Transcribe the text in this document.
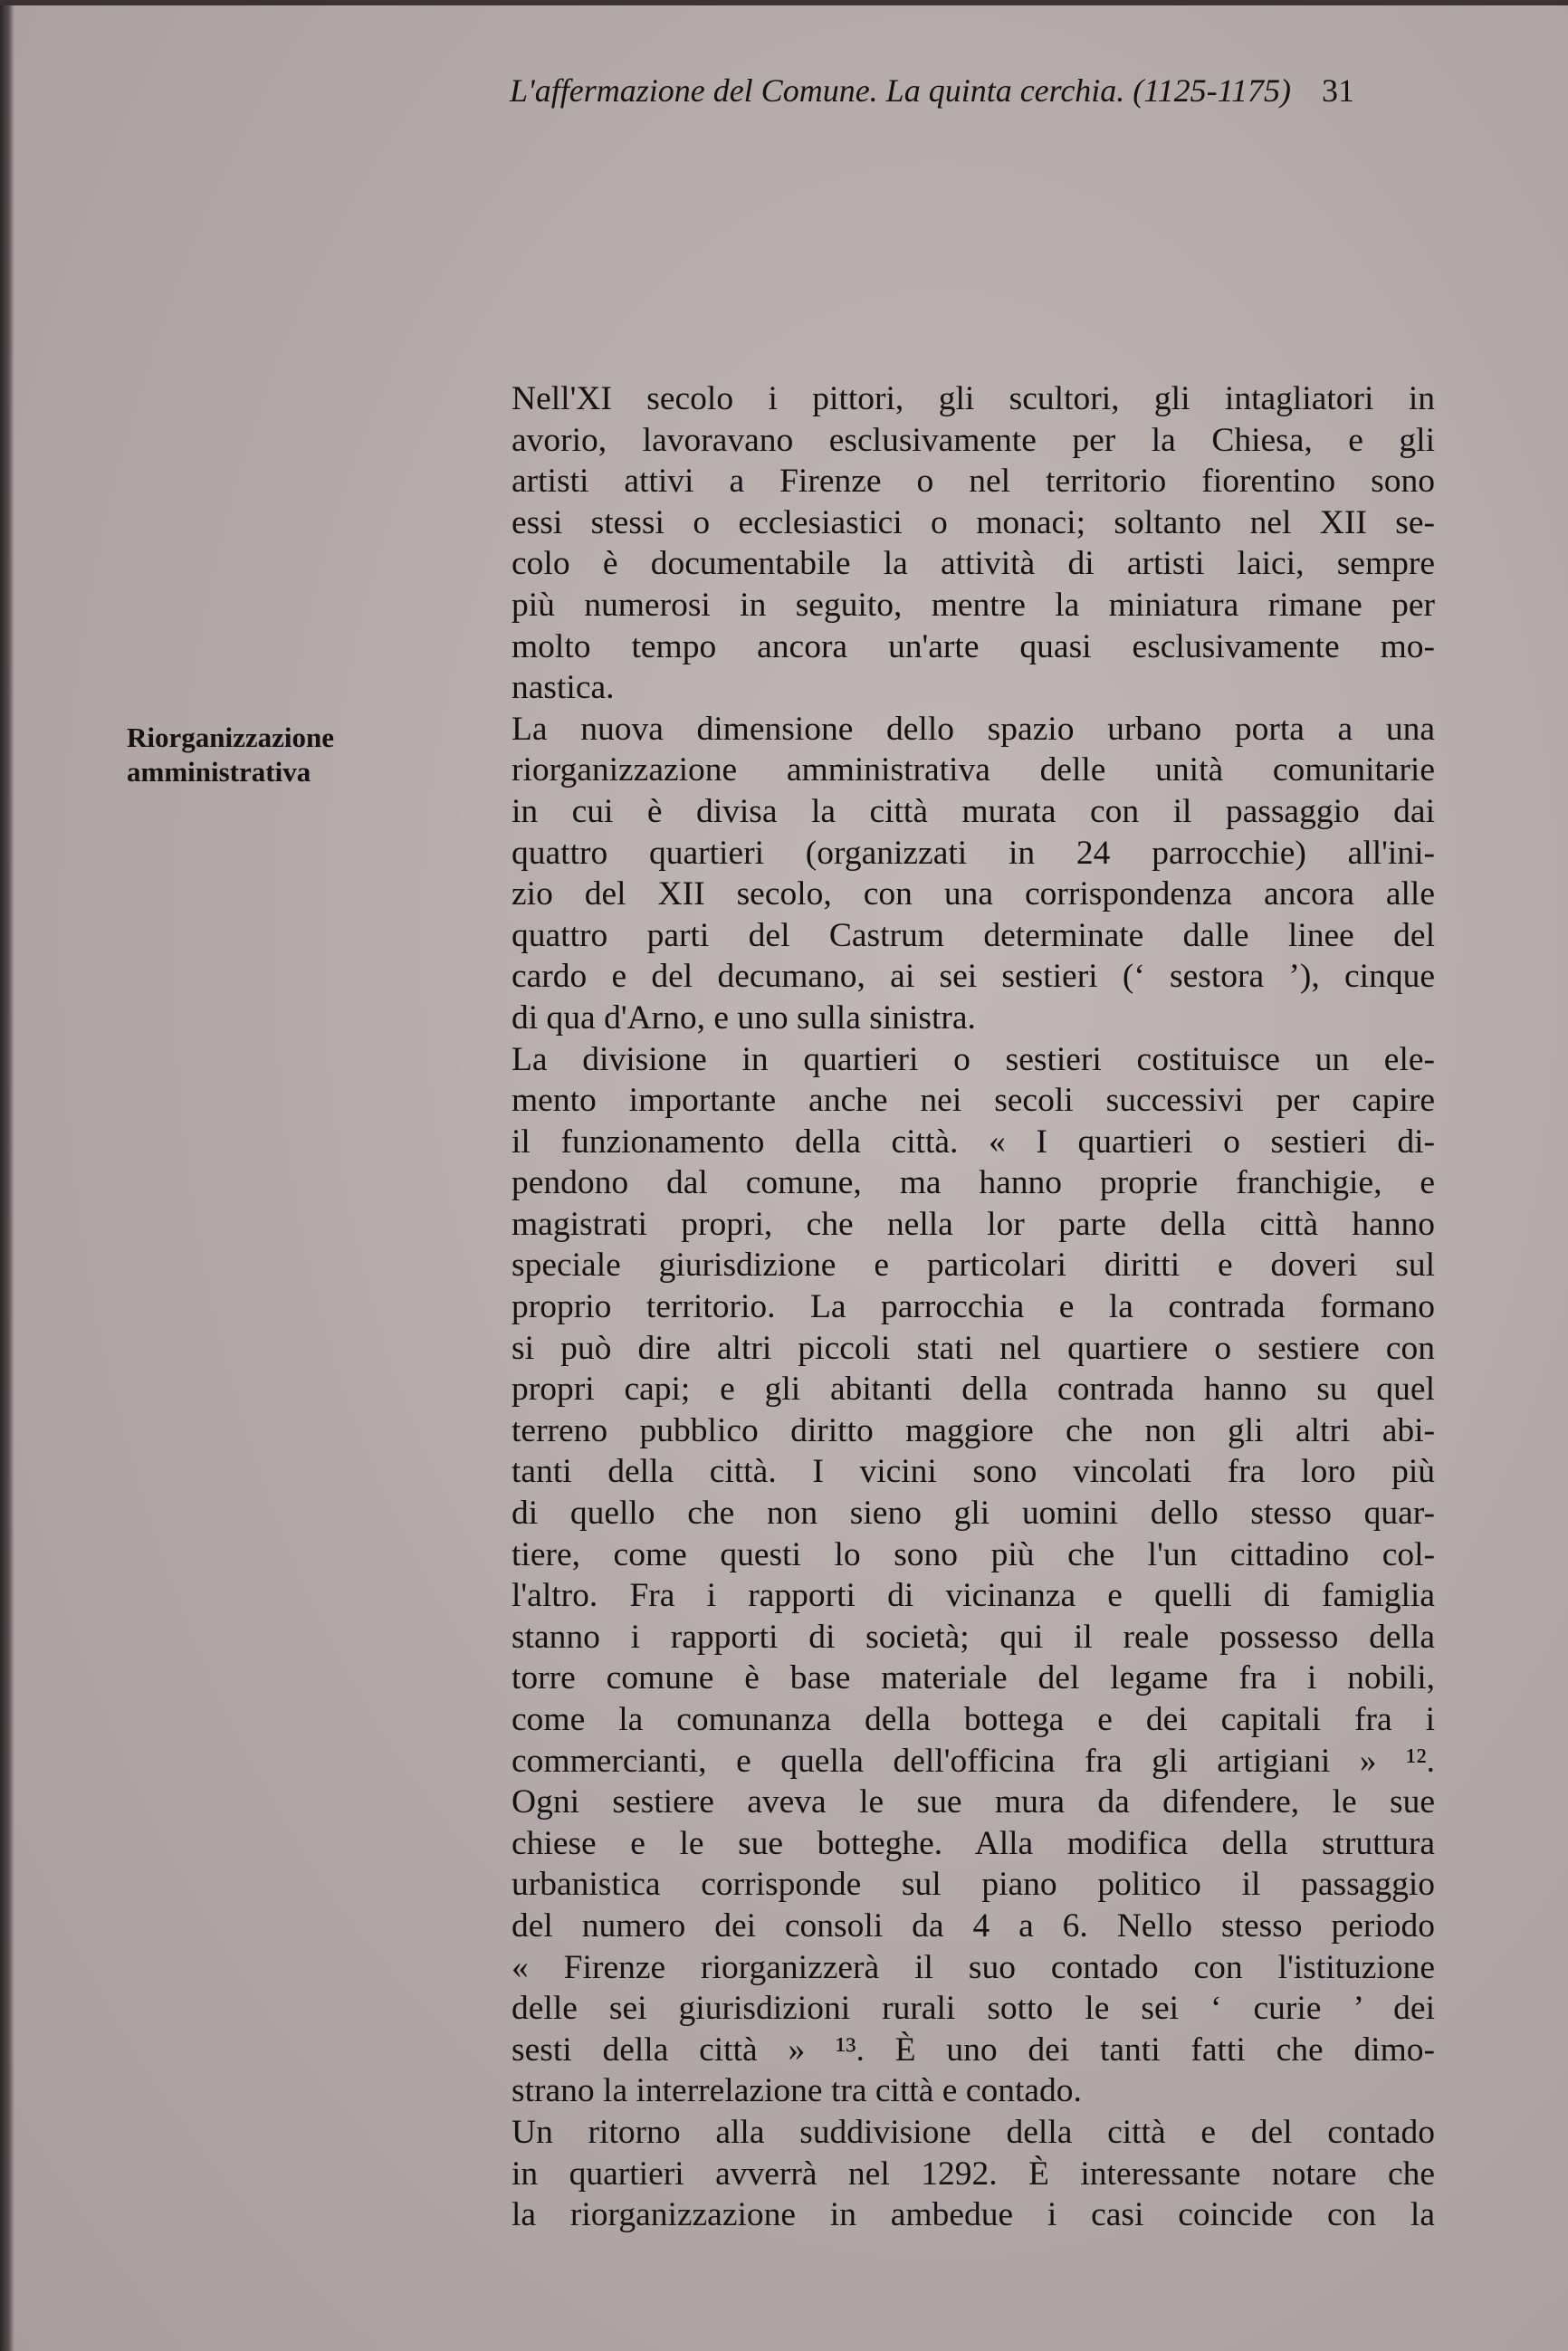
L'affermazione del Comune. La quinta cerchia. (1125-1175) 31
Riorganizzazione
amministrativa
Nell'XI secolo i pittori, gli scultori, gli intagliatori in
avorio, lavoravano esclusivamente per la Chiesa, e gli
artisti attivi a Firenze o nel territorio fiorentino sono
essi stessi o ecclesiastici o monaci; soltanto nel XII se-
colo è documentabile la attività di artisti laici, sempre
più numerosi in seguito, mentre la miniatura rimane per
molto tempo ancora un'arte quasi esclusivamente mo-
nastica.
La nuova dimensione dello spazio urbano porta a una
riorganizzazione amministrativa delle unità comunitarie
in cui è divisa la città murata con il passaggio dai
quattro quartieri (organizzati in 24 parrocchie) all'ini-
zio del XII secolo, con una corrispondenza ancora alle
quattro parti del Castrum determinate dalle linee del
cardo e del decumano, ai sei sestieri (‘ sestora ’), cinque
di qua d'Arno, e uno sulla sinistra.
La divisione in quartieri o sestieri costituisce un ele-
mento importante anche nei secoli successivi per capire
il funzionamento della città. « I quartieri o sestieri di-
pendono dal comune, ma hanno proprie franchigie, e
magistrati propri, che nella lor parte della città hanno
speciale giurisdizione e particolari diritti e doveri sul
proprio territorio. La parrocchia e la contrada formano
si può dire altri piccoli stati nel quartiere o sestiere con
propri capi; e gli abitanti della contrada hanno su quel
terreno pubblico diritto maggiore che non gli altri abi-
tanti della città. I vicini sono vincolati fra loro più
di quello che non sieno gli uomini dello stesso quar-
tiere, come questi lo sono più che l'un cittadino col-
l'altro. Fra i rapporti di vicinanza e quelli di famiglia
stanno i rapporti di società; qui il reale possesso della
torre comune è base materiale del legame fra i nobili,
come la comunanza della bottega e dei capitali fra i
commercianti, e quella dell'officina fra gli artigiani » ¹².
Ogni sestiere aveva le sue mura da difendere, le sue
chiese e le sue botteghe. Alla modifica della struttura
urbanistica corrisponde sul piano politico il passaggio
del numero dei consoli da 4 a 6. Nello stesso periodo
« Firenze riorganizzerà il suo contado con l'istituzione
delle sei giurisdizioni rurali sotto le sei ‘ curie ’ dei
sesti della città » ¹³. È uno dei tanti fatti che dimo-
strano la interrelazione tra città e contado.
Un ritorno alla suddivisione della città e del contado
in quartieri avverrà nel 1292. È interessante notare che
la riorganizzazione in ambedue i casi coincide con la
